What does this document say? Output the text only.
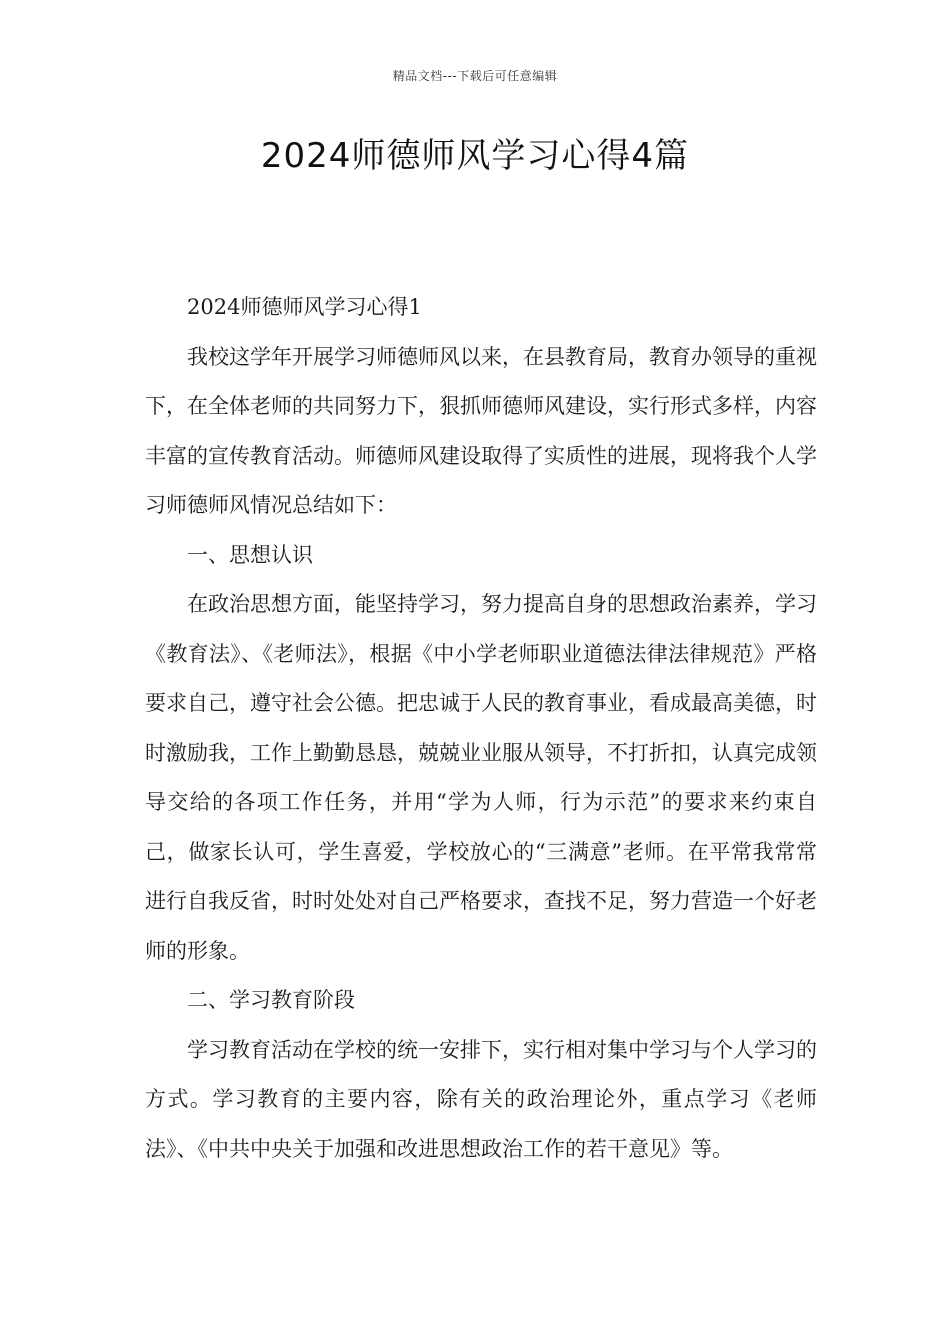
精品文档---下载后可任意编辑
2024师德师风学习心得4篇

2024师德师风学习心得1

我校这学年开展学习师德师风以来，在县教育局，教育办领导的重视下，在全体老师的共同努力下，狠抓师德师风建设，实行形式多样，内容丰富的宣传教育活动。师德师风建设取得了实质性的进展，现将我个人学习师德师风情况总结如下：

一、思想认识

在政治思想方面，能坚持学习，努力提高自身的思想政治素养，学习《教育法》、《老师法》，根据《中小学老师职业道德法律法律规范》严格要求自己，遵守社会公德。把忠诚于人民的教育事业，看成最高美德，时时激励我，工作上勤勤恳恳，兢兢业业服从领导，不打折扣，认真完成领导交给的各项工作任务，并用“学为人师，行为示范”的要求来约束自己，做家长认可，学生喜爱，学校放心的“三满意”老师。在平常我常常进行自我反省，时时处处对自己严格要求，查找不足，努力营造一个好老师的形象。

二、学习教育阶段

学习教育活动在学校的统一安排下，实行相对集中学习与个人学习的方式。学习教育的主要内容，除有关的政治理论外，重点学习《老师法》、《中共中央关于加强和改进思想政治工作的若干意见》等。
